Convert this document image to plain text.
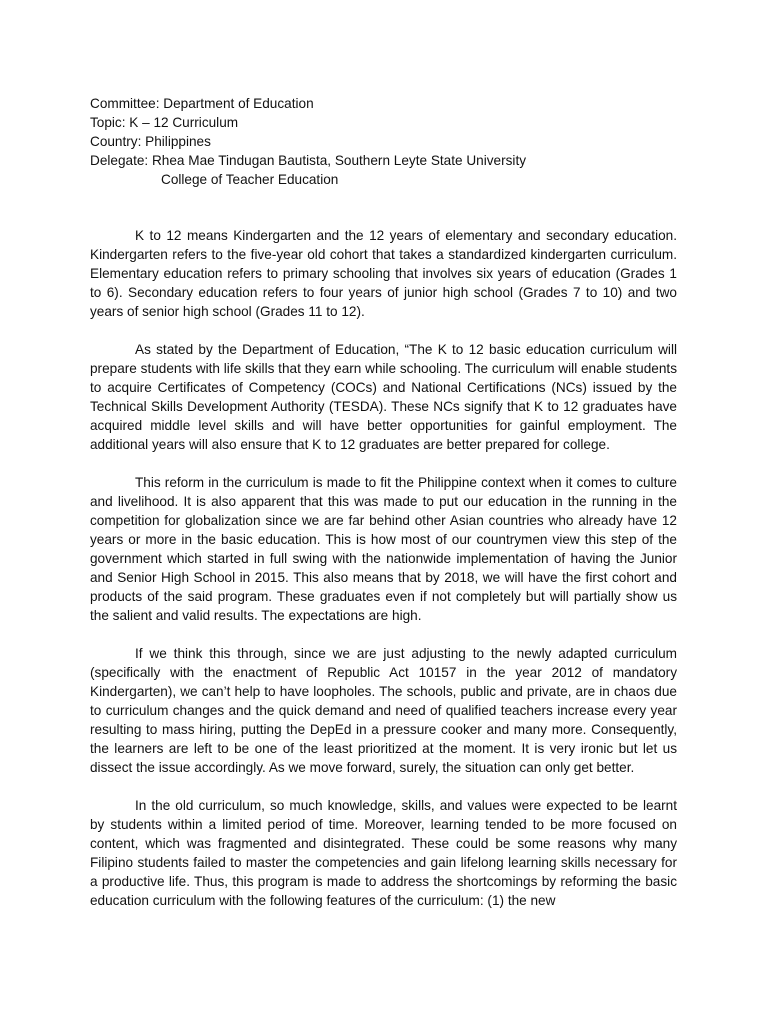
Committee: Department of Education
Topic: K – 12 Curriculum
Country: Philippines
Delegate: Rhea Mae Tindugan Bautista, Southern Leyte State University
College of Teacher Education

K to 12 means Kindergarten and the 12 years of elementary and secondary education. Kindergarten refers to the five-year old cohort that takes a standardized kindergarten curriculum. Elementary education refers to primary schooling that involves six years of education (Grades 1 to 6). Secondary education refers to four years of junior high school (Grades 7 to 10) and two years of senior high school (Grades 11 to 12).

As stated by the Department of Education, “The K to 12 basic education curriculum will prepare students with life skills that they earn while schooling. The curriculum will enable students to acquire Certificates of Competency (COCs) and National Certifications (NCs) issued by the Technical Skills Development Authority (TESDA). These NCs signify that K to 12 graduates have acquired middle level skills and will have better opportunities for gainful employment. The additional years will also ensure that K to 12 graduates are better prepared for college.

This reform in the curriculum is made to fit the Philippine context when it comes to culture and livelihood. It is also apparent that this was made to put our education in the running in the competition for globalization since we are far behind other Asian countries who already have 12 years or more in the basic education. This is how most of our countrymen view this step of the government which started in full swing with the nationwide implementation of having the Junior and Senior High School in 2015. This also means that by 2018, we will have the first cohort and products of the said program. These graduates even if not completely but will partially show us the salient and valid results. The expectations are high.

If we think this through, since we are just adjusting to the newly adapted curriculum (specifically with the enactment of Republic Act 10157 in the year 2012 of mandatory Kindergarten), we can’t help to have loopholes. The schools, public and private, are in chaos due to curriculum changes and the quick demand and need of qualified teachers increase every year resulting to mass hiring, putting the DepEd in a pressure cooker and many more. Consequently, the learners are left to be one of the least prioritized at the moment. It is very ironic but let us dissect the issue accordingly. As we move forward, surely, the situation can only get better.

In the old curriculum, so much knowledge, skills, and values were expected to be learnt by students within a limited period of time. Moreover, learning tended to be more focused on content, which was fragmented and disintegrated. These could be some reasons why many Filipino students failed to master the competencies and gain lifelong learning skills necessary for a productive life. Thus, this program is made to address the shortcomings by reforming the basic education curriculum with the following features of the curriculum: (1) the new
